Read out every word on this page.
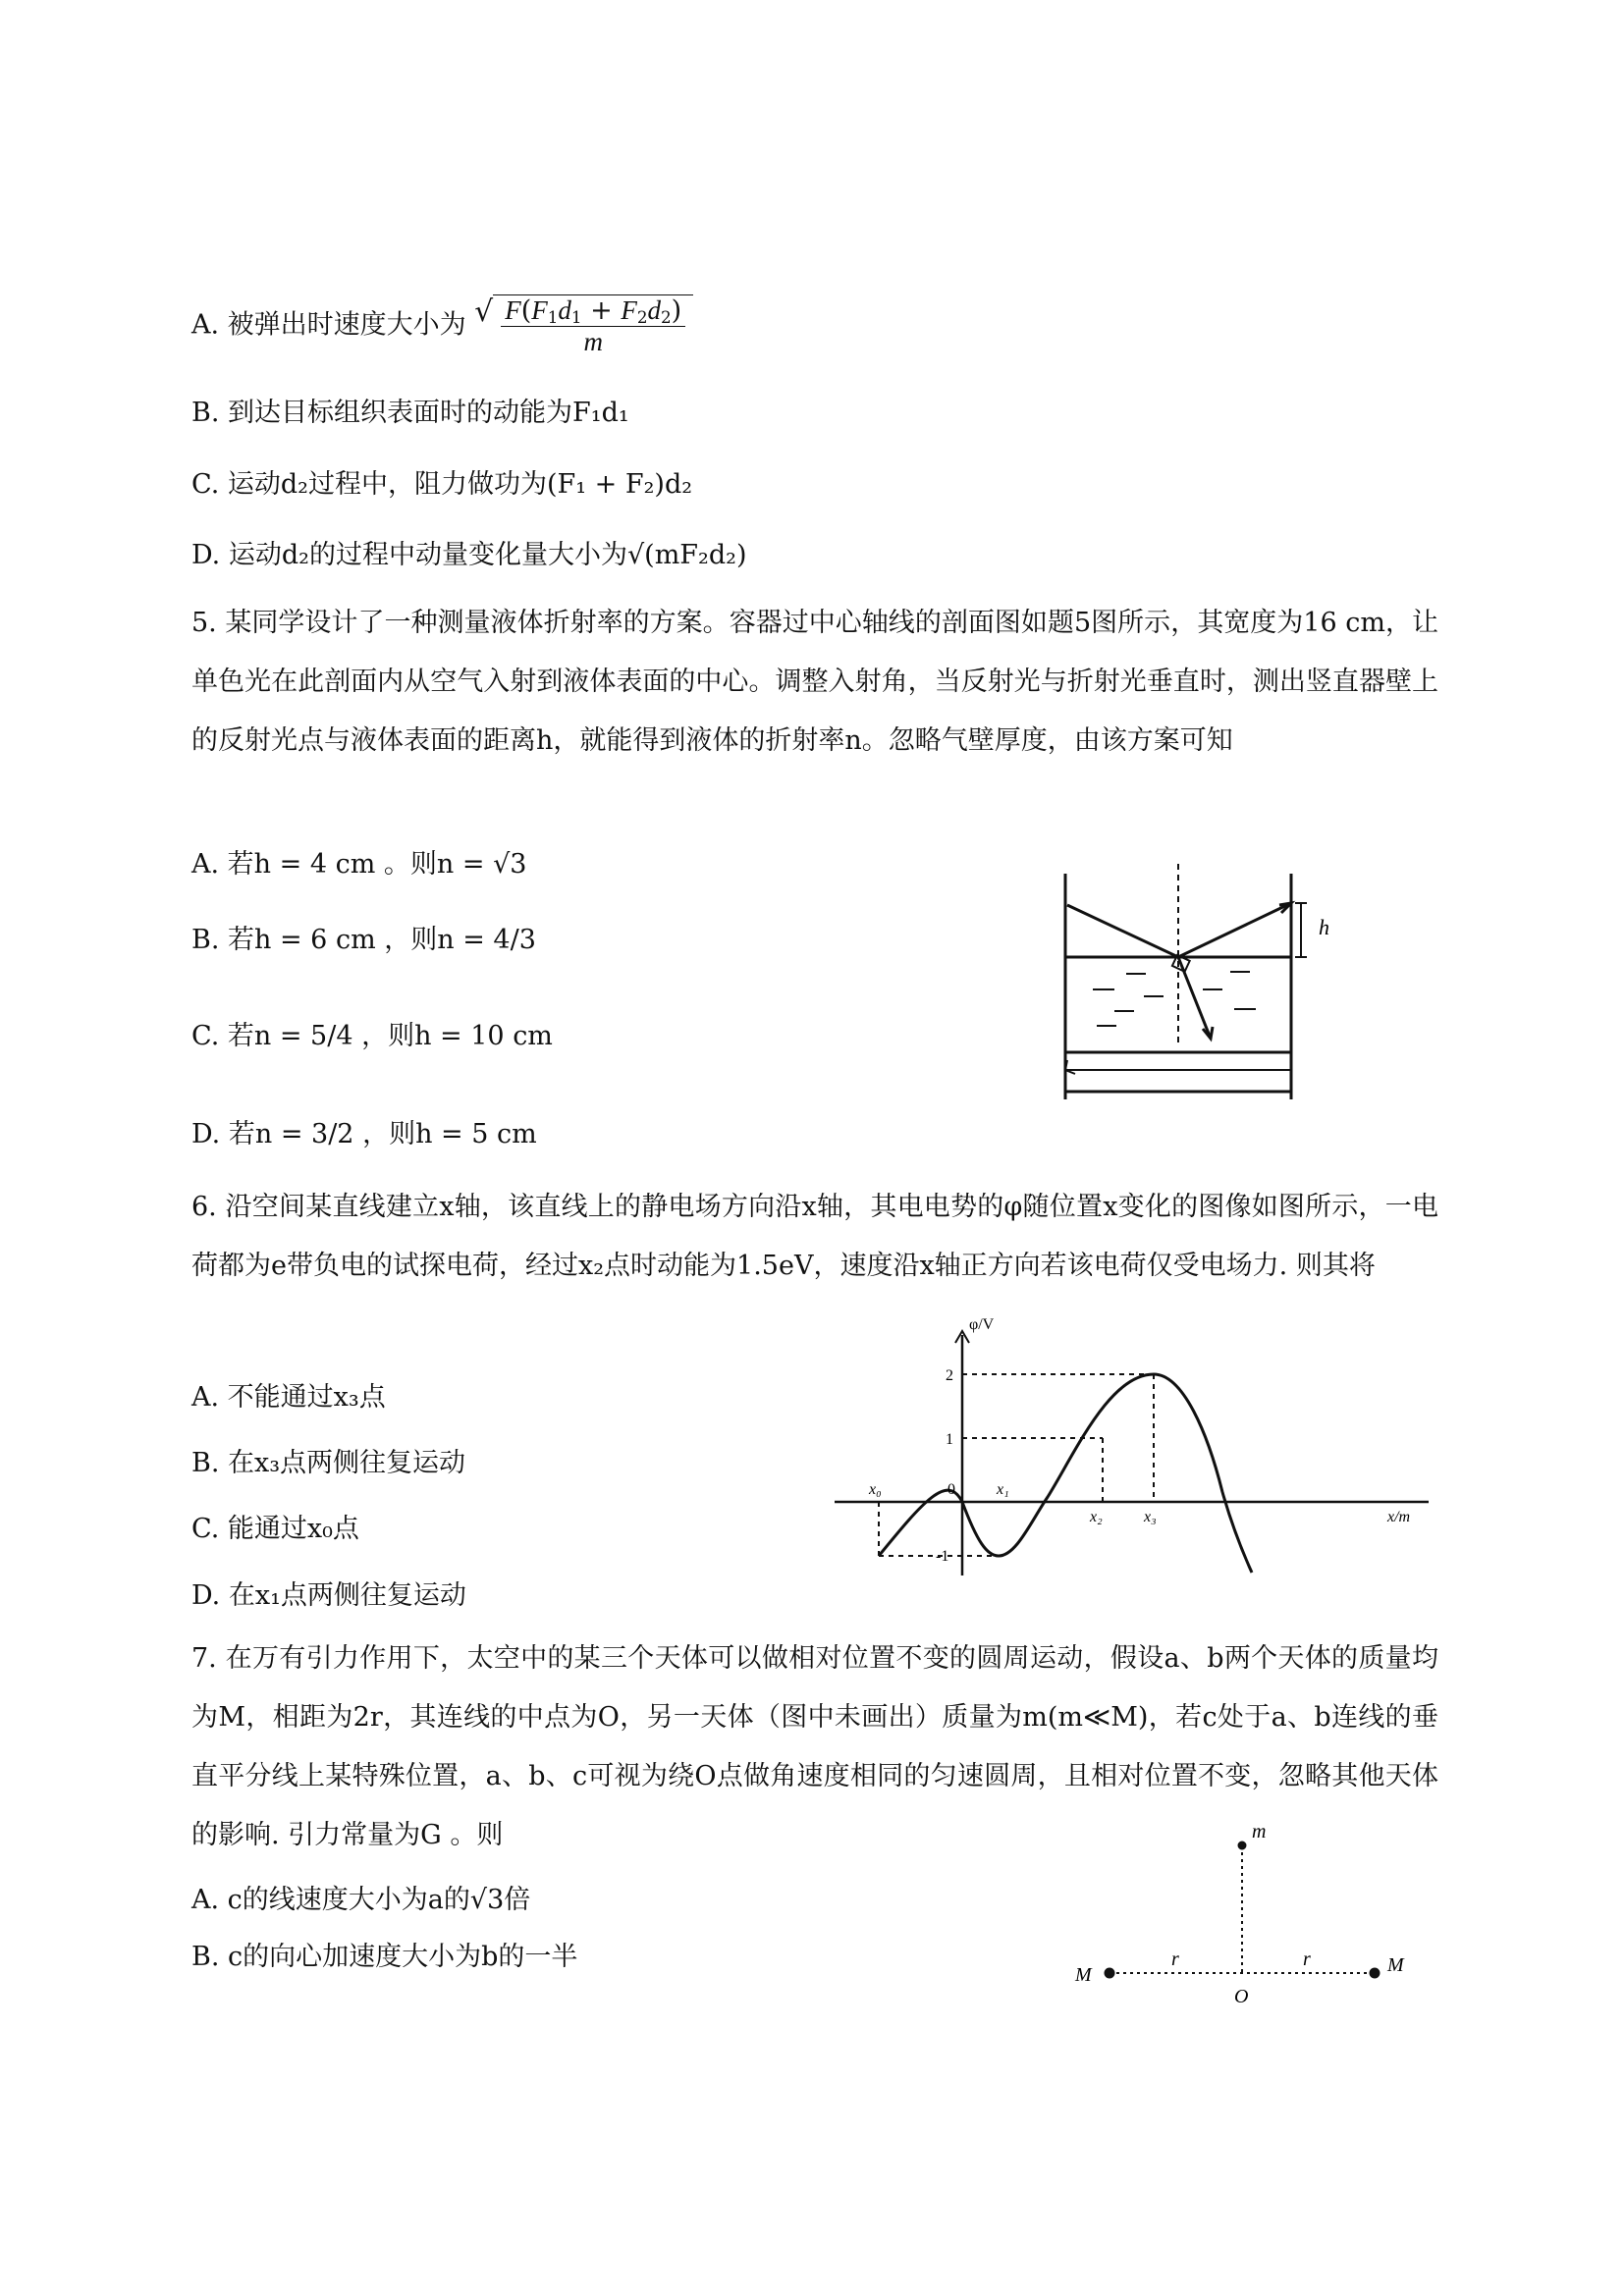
A. 被弹出时速度大小为 √ $\frac{F(F_1d_1 + F_2d_2)}{m}$
B. 到达目标组织表面时的动能为F₁d₁
C. 运动d₂过程中，阻力做功为(F₁ + F₂)d₂
D. 运动d₂的过程中动量变化量大小为√(mF₂d₂)
5. 某同学设计了一种测量液体折射率的方案。容器过中心轴线的剖面图如题5图所示，其宽度为16 cm，让单色光在此剖面内从空气入射到液体表面的中心。调整入射角，当反射光与折射光垂直时，测出竖直器壁上的反射光点与液体表面的距离h，就能得到液体的折射率n。忽略气壁厚度，由该方案可知
A. 若h = 4 cm 。则n = √3
B. 若h = 6 cm ，则n = 4/3
C. 若n = 5/4 ，则h = 10 cm
D. 若n = 3/2 ，则h = 5 cm
h
6. 沿空间某直线建立x轴，该直线上的静电场方向沿x轴，其电电势的φ随位置x变化的图像如图所示，一电荷都为e带负电的试探电荷，经过x₂点时动能为1.5eV，速度沿x轴正方向若该电荷仅受电场力. 则其将
A. 不能通过x₃点
B. 在x₃点两侧往复运动
C. 能通过x₀点
D. 在x₁点两侧往复运动
φ/V
x/m
0
2
1
-1
x₀	x₁
x₂	x₃
7. 在万有引力作用下，太空中的某三个天体可以做相对位置不变的圆周运动，假设a、b两个天体的质量均为M，相距为2r，其连线的中点为O，另一天体（图中未画出）质量为m(m≪M)，若c处于a、b连线的垂直平分线上某特殊位置，a、b、c可视为绕O点做角速度相同的匀速圆周，且相对位置不变，忽略其他天体的影响. 引力常量为G 。则
A. c的线速度大小为a的√3倍
B. c的向心加速度大小为b的一半
m
M	M
r	r
O
